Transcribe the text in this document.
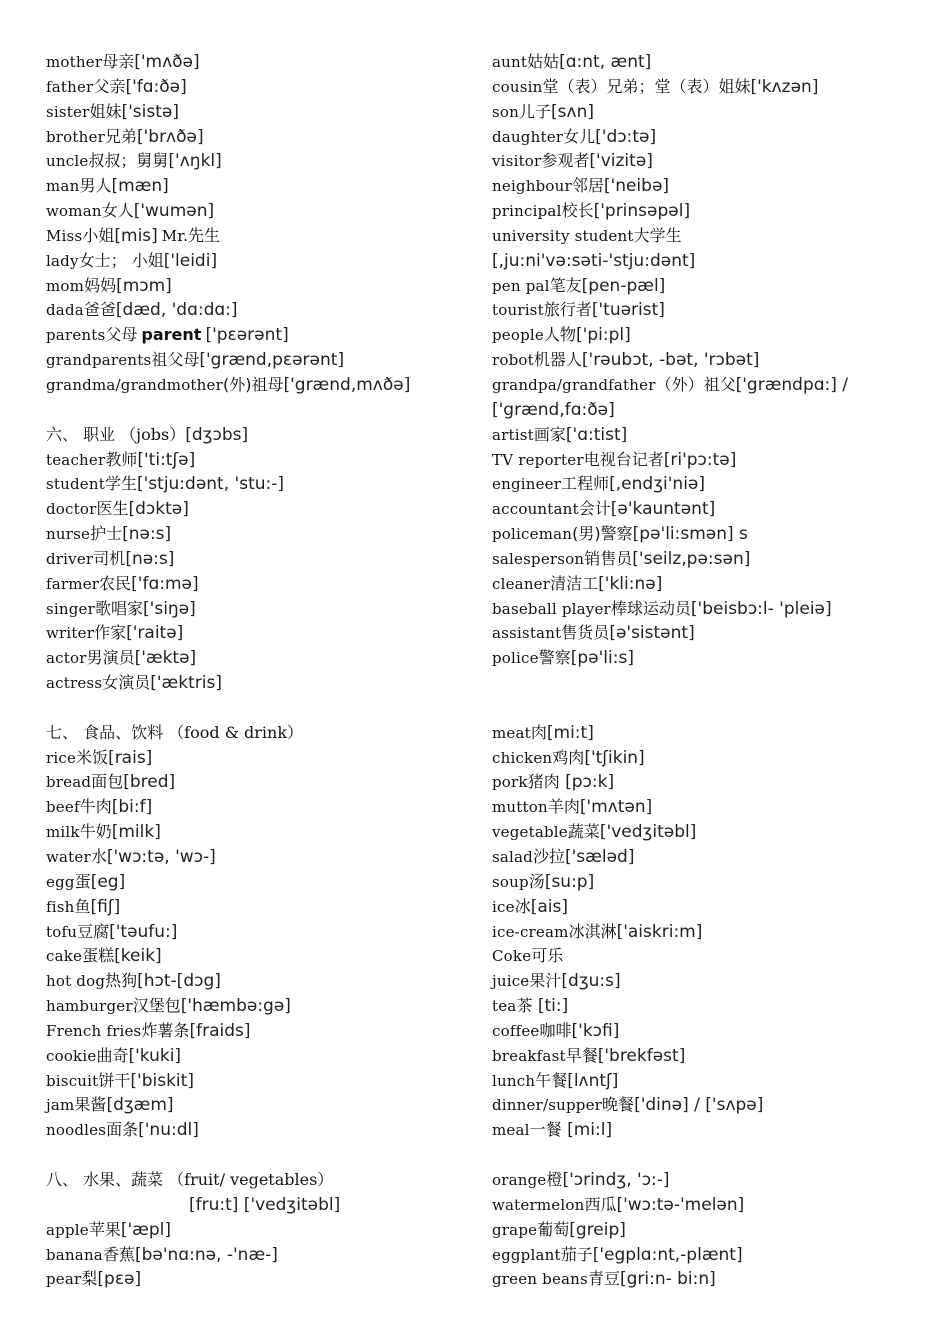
mother母亲['mʌðə]
father父亲['fɑ:ðə]
sister姐妹['sistə]
brother兄弟['brʌðə]
uncle叔叔；舅舅['ʌŋkl]
man男人[mæn]
woman女人['wumən]
Miss小姐[mis] Mr.先生
lady女士； 小姐['leidi]
mom妈妈[mɔm]
dada爸爸[dæd, 'dɑ:dɑ:]
parents父母 parent ['pɛərənt]
grandparents祖父母['grænd,pɛərənt]
grandma/grandmother(外)祖母['grænd,mʌðə]
六、 职业 （jobs）[dʒɔbs]
teacher教师['ti:tʃə]
student学生['stju:dənt, 'stu:-]
doctor医生[dɔktə]
nurse护士[nə:s]
driver司机[nə:s]
farmer农民['fɑ:mə]
singer歌唱家['siŋə]
writer作家['raitə]
actor男演员['æktə]
actress女演员['æktris]
七、 食品、饮料 （food & drink）
rice米饭[rais]
bread面包[bred]
beef牛肉[bi:f]
milk牛奶[milk]
water水['wɔ:tə, 'wɔ-]
egg蛋[eg]
fish鱼[fiʃ]
tofu豆腐['təufu:]
cake蛋糕[keik]
hot dog热狗[hɔt-[dɔg]
hamburger汉堡包['hæmbə:gə]
French fries炸薯条[fraids]
cookie曲奇['kuki]
biscuit饼干['biskit]
jam果酱[dʒæm]
noodles面条['nu:dl]
八、 水果、蔬菜 （fruit/ vegetables）
[fru:t] ['vedʒitəbl]
apple苹果['æpl]
banana香蕉[bə'nɑ:nə, -'næ-]
pear梨[pɛə]
aunt姑姑[ɑ:nt, ænt]
cousin堂（表）兄弟；堂（表）姐妹['kʌzən]
son儿子[sʌn]
daughter女儿['dɔ:tə]
visitor参观者['vizitə]
neighbour邻居['neibə]
principal校长['prinsəpəl]
university student大学生
[,ju:ni'və:səti-'stju:dənt]
pen pal笔友[pen-pæl]
tourist旅行者['tuərist]
people人物['pi:pl]
robot机器人['rəubɔt, -bət, 'rɔbət]
grandpa/grandfather（外）祖父['grændpɑ:] /
['grænd,fɑ:ðə]
artist画家['ɑ:tist]
TV reporter电视台记者[ri'pɔ:tə]
engineer工程师[,endʒi'niə]
accountant会计[ə'kauntənt]
policeman(男)警察[pə'li:smən] s
salesperson销售员['seilz,pə:sən]
cleaner清洁工['kli:nə]
baseball player棒球运动员['beisbɔ:l- 'pleiə]
assistant售货员[ə'sistənt]
police警察[pə'li:s]
meat肉[mi:t]
chicken鸡肉['tʃikin]
pork猪肉 [pɔ:k]
mutton羊肉['mʌtən]
vegetable蔬菜['vedʒitəbl]
salad沙拉['sæləd]
soup汤[su:p]
ice冰[ais]
ice-cream冰淇淋['aiskri:m]
Coke可乐
juice果汁[dʒu:s]
tea茶 [ti:]
coffee咖啡['kɔfi]
breakfast早餐['brekfəst]
lunch午餐[lʌntʃ]
dinner/supper晚餐['dinə] / ['sʌpə]
meal一餐 [mi:l]
orange橙['ɔrindʒ, 'ɔ:-]
watermelon西瓜['wɔ:tə-'melən]
grape葡萄[greip]
eggplant茄子['egplɑ:nt,-plænt]
green beans青豆[gri:n- bi:n]
